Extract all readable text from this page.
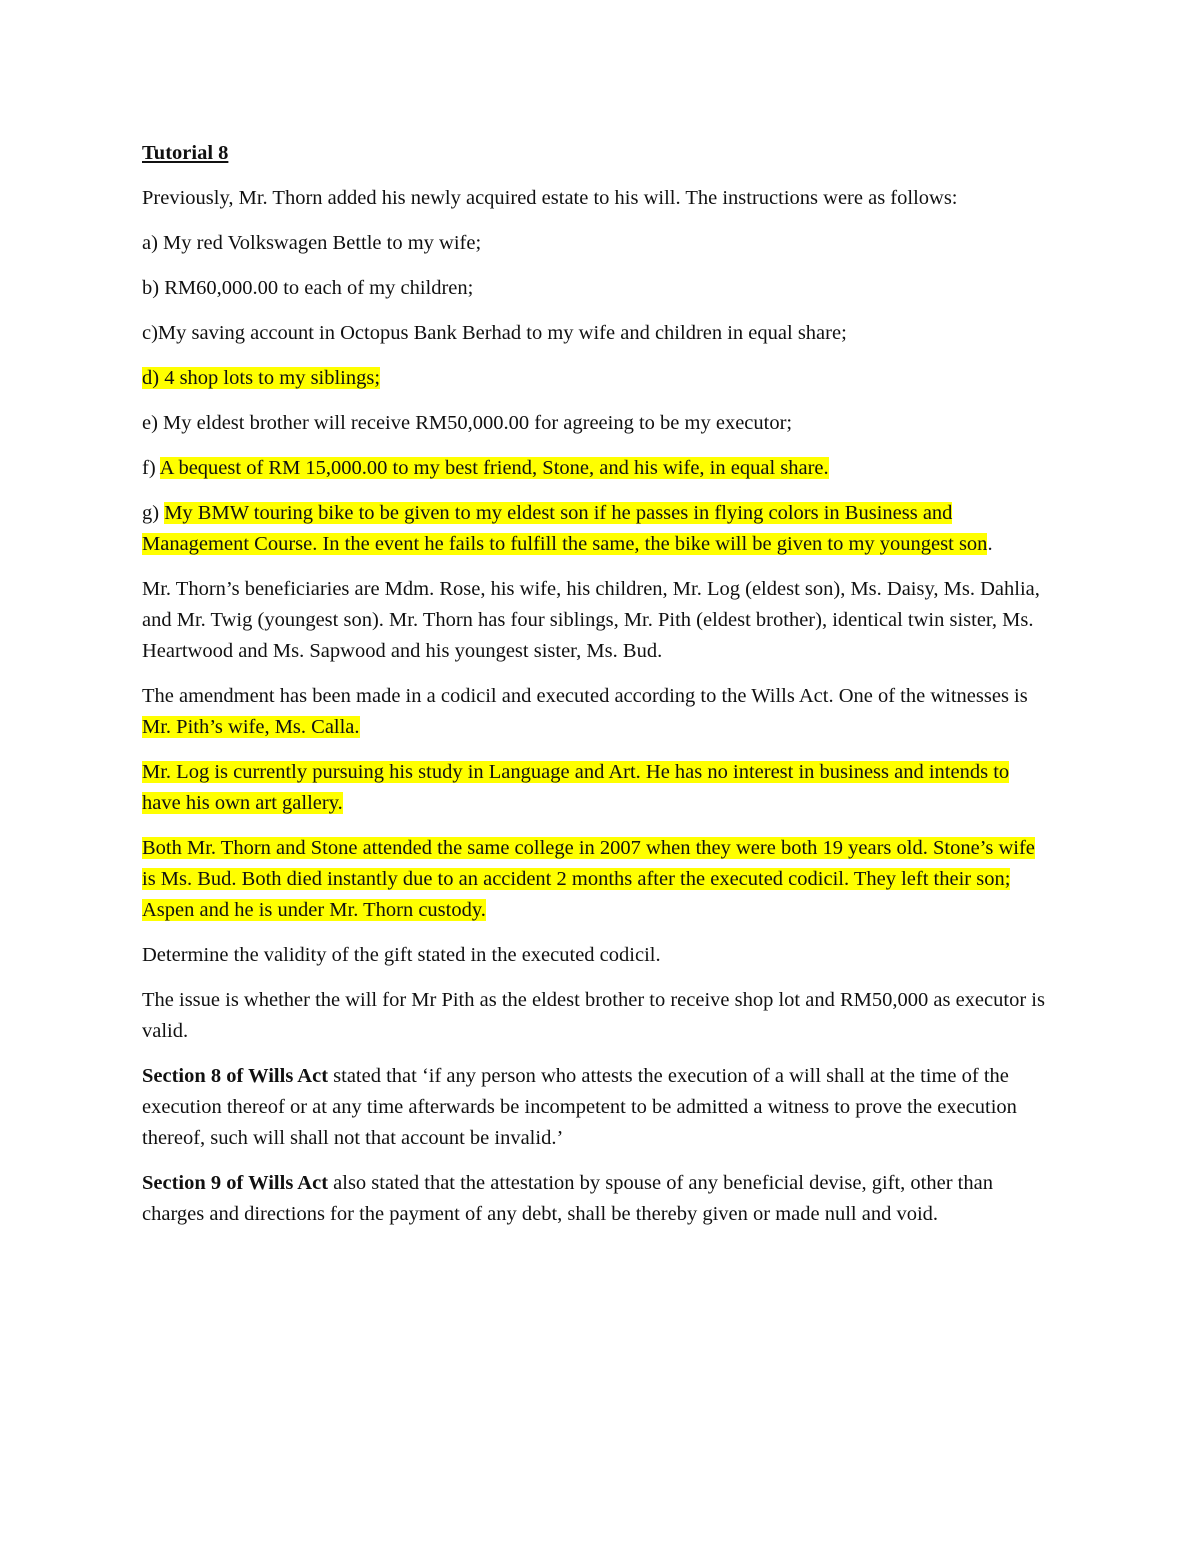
Tutorial 8

Previously, Mr. Thorn added his newly acquired estate to his will. The instructions were as follows:

a) My red Volkswagen Bettle to my wife;

b) RM60,000.00 to each of my children;

c)My saving account in Octopus Bank Berhad to my wife and children in equal share;

d) 4 shop lots to my siblings;

e) My eldest brother will receive RM50,000.00 for agreeing to be my executor;

f) A bequest of RM 15,000.00 to my best friend, Stone, and his wife, in equal share.

g) My BMW touring bike to be given to my eldest son if he passes in flying colors in Business and Management Course. In the event he fails to fulfill the same, the bike will be given to my youngest son.

Mr. Thorn’s beneficiaries are Mdm. Rose, his wife, his children, Mr. Log (eldest son), Ms. Daisy, Ms. Dahlia, and Mr. Twig (youngest son). Mr. Thorn has four siblings, Mr. Pith (eldest brother), identical twin sister, Ms. Heartwood and Ms. Sapwood and his youngest sister, Ms. Bud.

The amendment has been made in a codicil and executed according to the Wills Act. One of the witnesses is Mr. Pith’s wife, Ms. Calla.

Mr. Log is currently pursuing his study in Language and Art. He has no interest in business and intends to have his own art gallery.

Both Mr. Thorn and Stone attended the same college in 2007 when they were both 19 years old. Stone’s wife is Ms. Bud. Both died instantly due to an accident 2 months after the executed codicil. They left their son; Aspen and he is under Mr. Thorn custody.

Determine the validity of the gift stated in the executed codicil.

The issue is whether the will for Mr Pith as the eldest brother to receive shop lot and RM50,000 as executor is valid.

Section 8 of Wills Act stated that ‘if any person who attests the execution of a will shall at the time of the execution thereof or at any time afterwards be incompetent to be admitted a witness to prove the execution thereof, such will shall not that account be invalid.’

Section 9 of Wills Act also stated that the attestation by spouse of any beneficial devise, gift, other than charges and directions for the payment of any debt, shall be thereby given or made null and void.
